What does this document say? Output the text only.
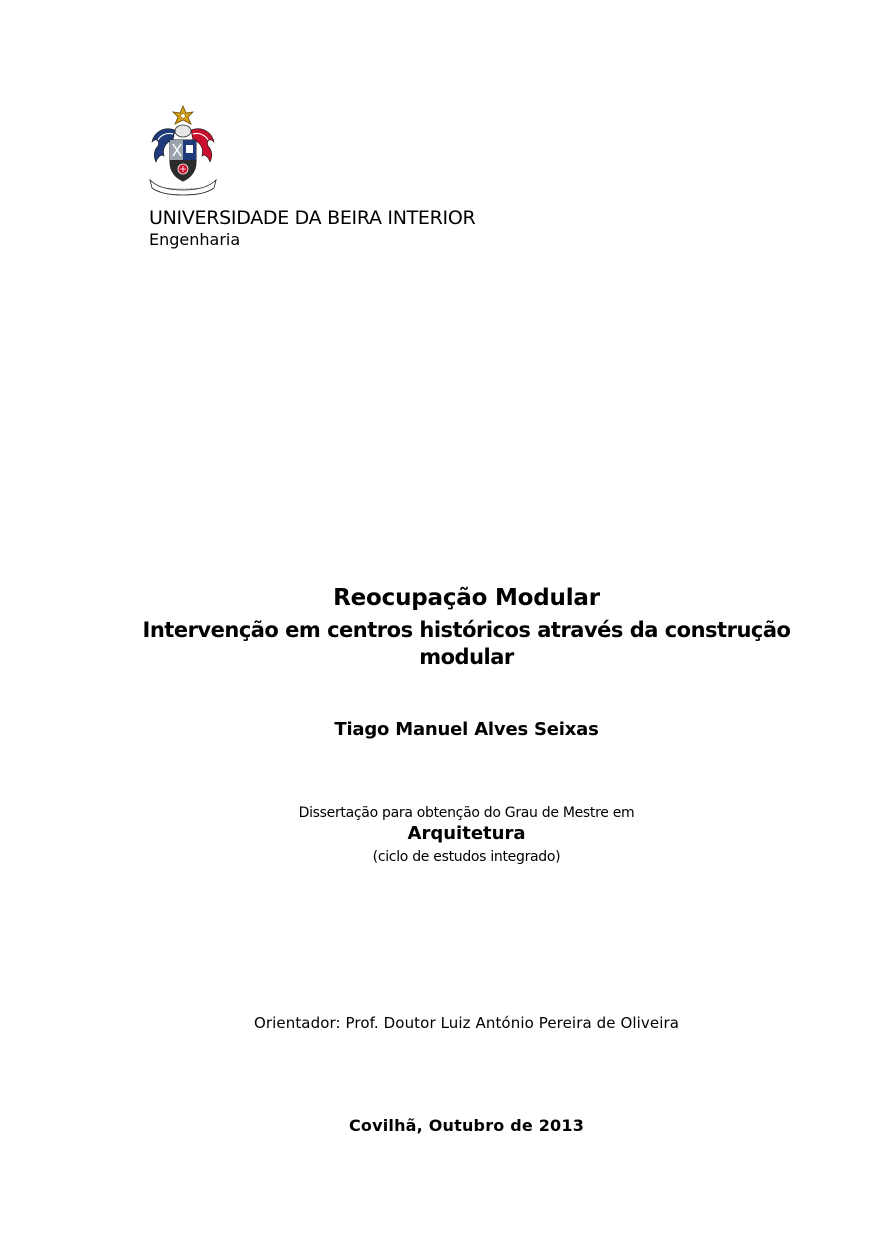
UNIVERSIDADE DA BEIRA INTERIOR
Engenharia
Reocupação Modular
Intervenção em centros históricos através da construção
modular
Tiago Manuel Alves Seixas
Dissertação para obtenção do Grau de Mestre em
Arquitetura
(ciclo de estudos integrado)
Orientador: Prof. Doutor Luiz António Pereira de Oliveira
Covilhã, Outubro de 2013
